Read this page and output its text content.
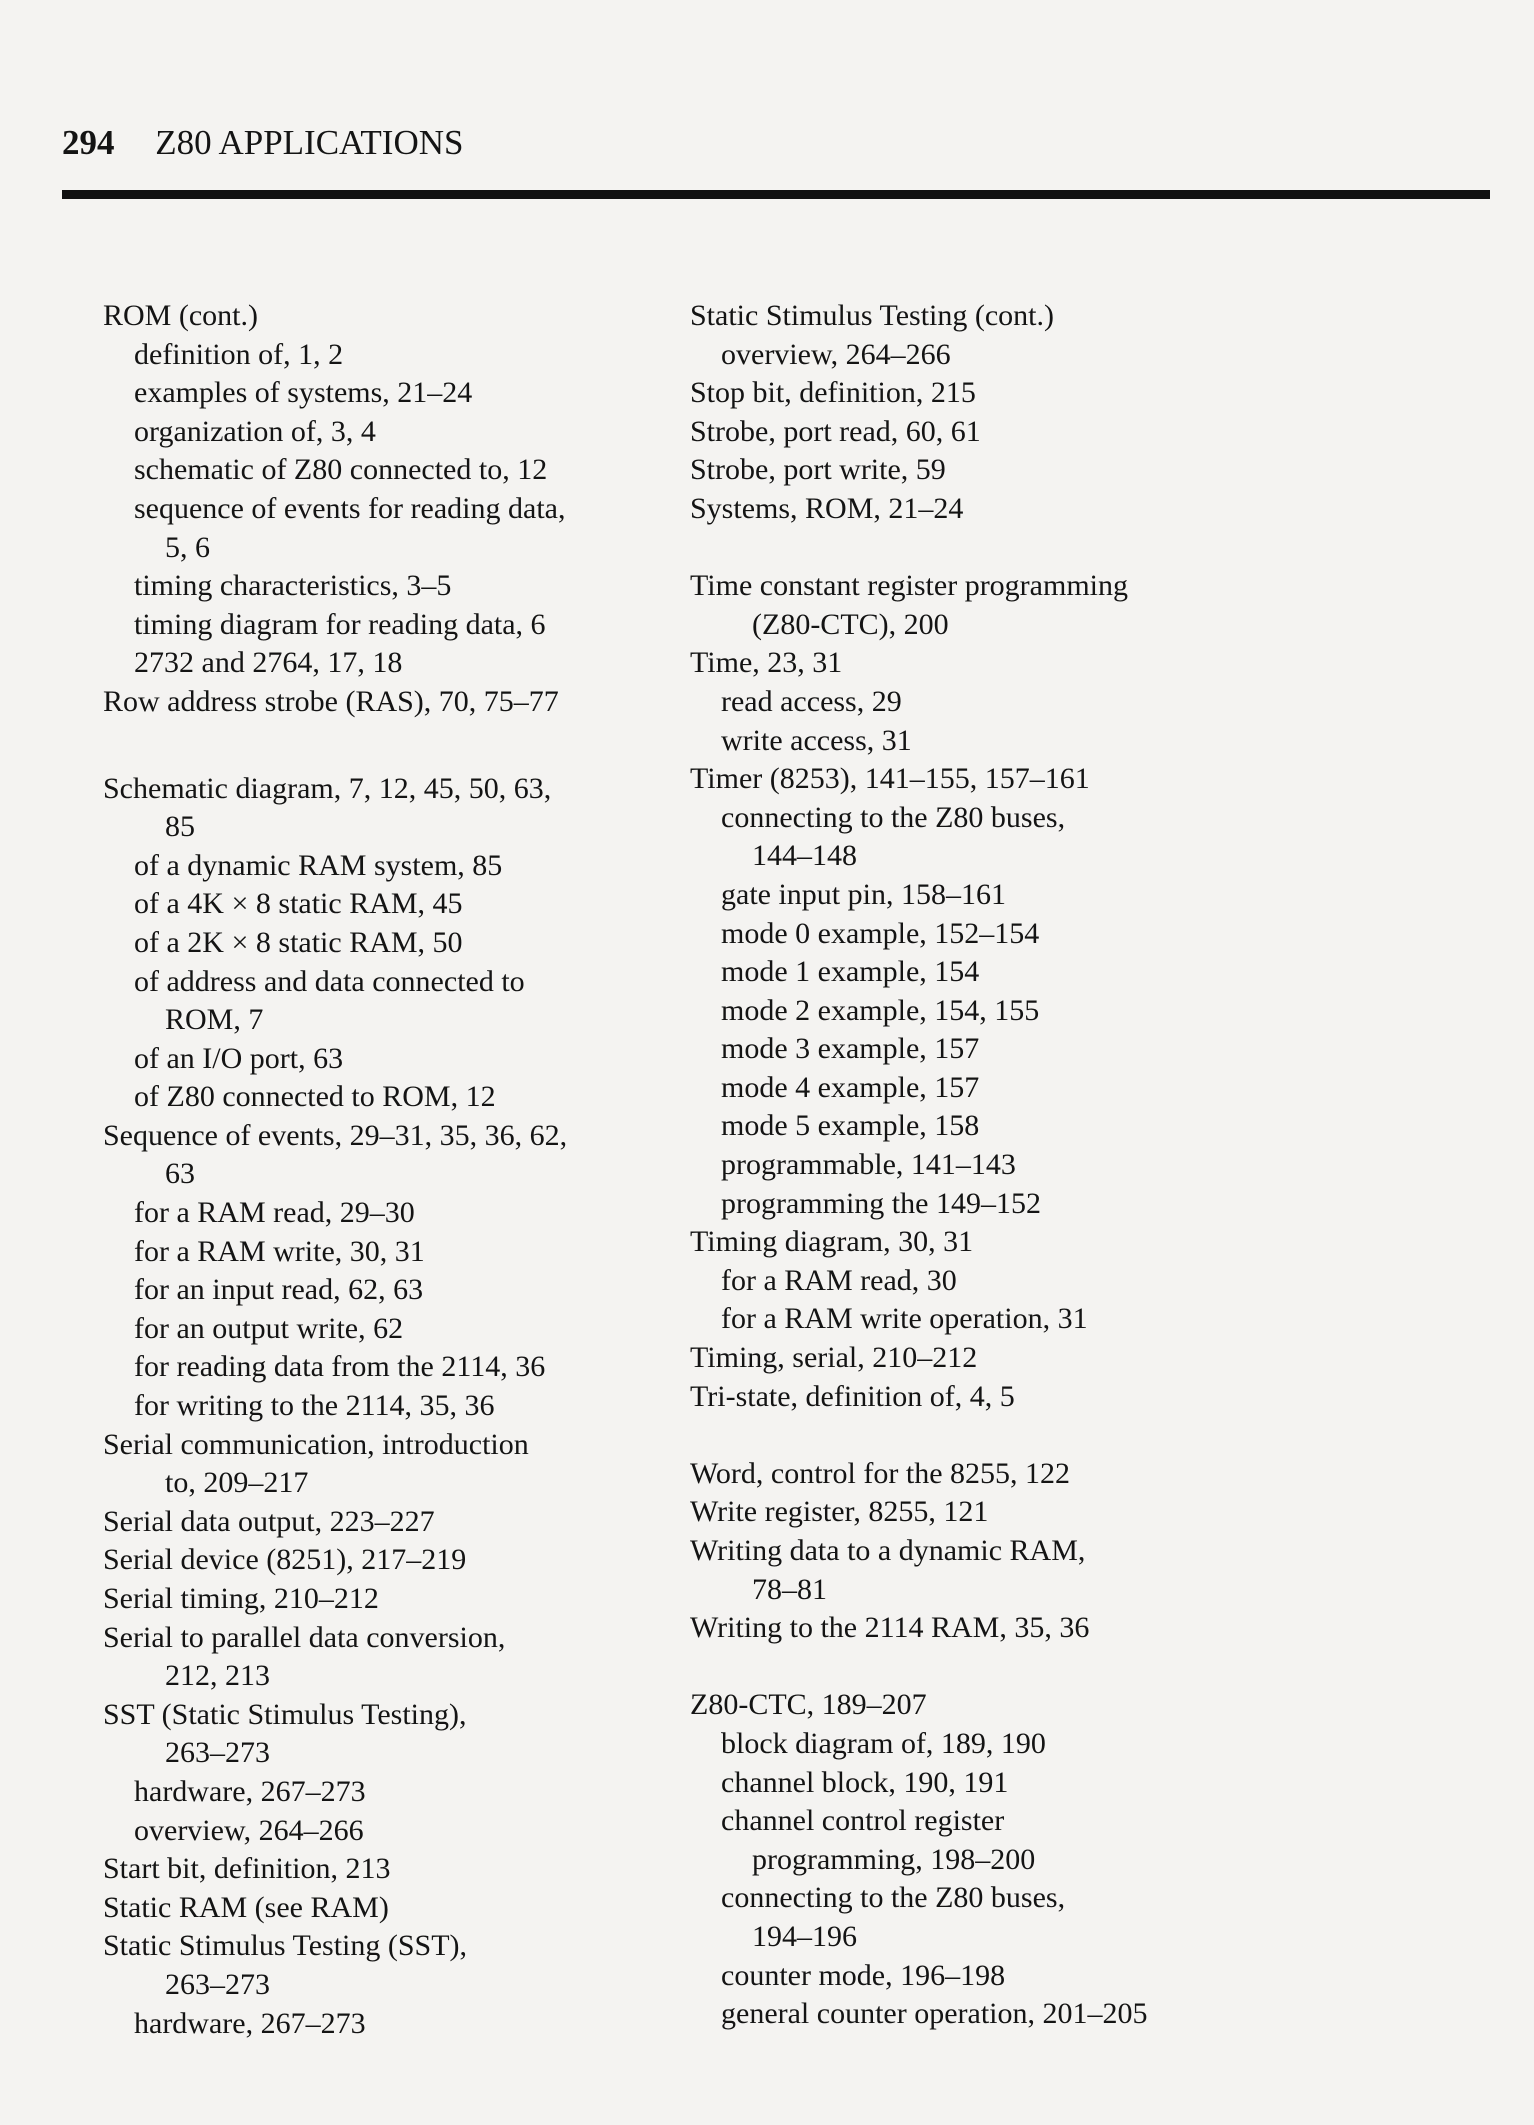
294 Z80 APPLICATIONS
ROM (cont.)
definition of, 1, 2
examples of systems, 21–24
organization of, 3, 4
schematic of Z80 connected to, 12
sequence of events for reading data,
5, 6
timing characteristics, 3–5
timing diagram for reading data, 6
2732 and 2764, 17, 18
Row address strobe (RAS), 70, 75–77
Schematic diagram, 7, 12, 45, 50, 63,
85
of a dynamic RAM system, 85
of a 4K × 8 static RAM, 45
of a 2K × 8 static RAM, 50
of address and data connected to
ROM, 7
of an I/O port, 63
of Z80 connected to ROM, 12
Sequence of events, 29–31, 35, 36, 62,
63
for a RAM read, 29–30
for a RAM write, 30, 31
for an input read, 62, 63
for an output write, 62
for reading data from the 2114, 36
for writing to the 2114, 35, 36
Serial communication, introduction
to, 209–217
Serial data output, 223–227
Serial device (8251), 217–219
Serial timing, 210–212
Serial to parallel data conversion,
212, 213
SST (Static Stimulus Testing),
263–273
hardware, 267–273
overview, 264–266
Start bit, definition, 213
Static RAM (see RAM)
Static Stimulus Testing (SST),
263–273
hardware, 267–273
Static Stimulus Testing (cont.)
overview, 264–266
Stop bit, definition, 215
Strobe, port read, 60, 61
Strobe, port write, 59
Systems, ROM, 21–24
Time constant register programming
(Z80-CTC), 200
Time, 23, 31
read access, 29
write access, 31
Timer (8253), 141–155, 157–161
connecting to the Z80 buses,
144–148
gate input pin, 158–161
mode 0 example, 152–154
mode 1 example, 154
mode 2 example, 154, 155
mode 3 example, 157
mode 4 example, 157
mode 5 example, 158
programmable, 141–143
programming the 149–152
Timing diagram, 30, 31
for a RAM read, 30
for a RAM write operation, 31
Timing, serial, 210–212
Tri-state, definition of, 4, 5
Word, control for the 8255, 122
Write register, 8255, 121
Writing data to a dynamic RAM,
78–81
Writing to the 2114 RAM, 35, 36
Z80-CTC, 189–207
block diagram of, 189, 190
channel block, 190, 191
channel control register
programming, 198–200
connecting to the Z80 buses,
194–196
counter mode, 196–198
general counter operation, 201–205
